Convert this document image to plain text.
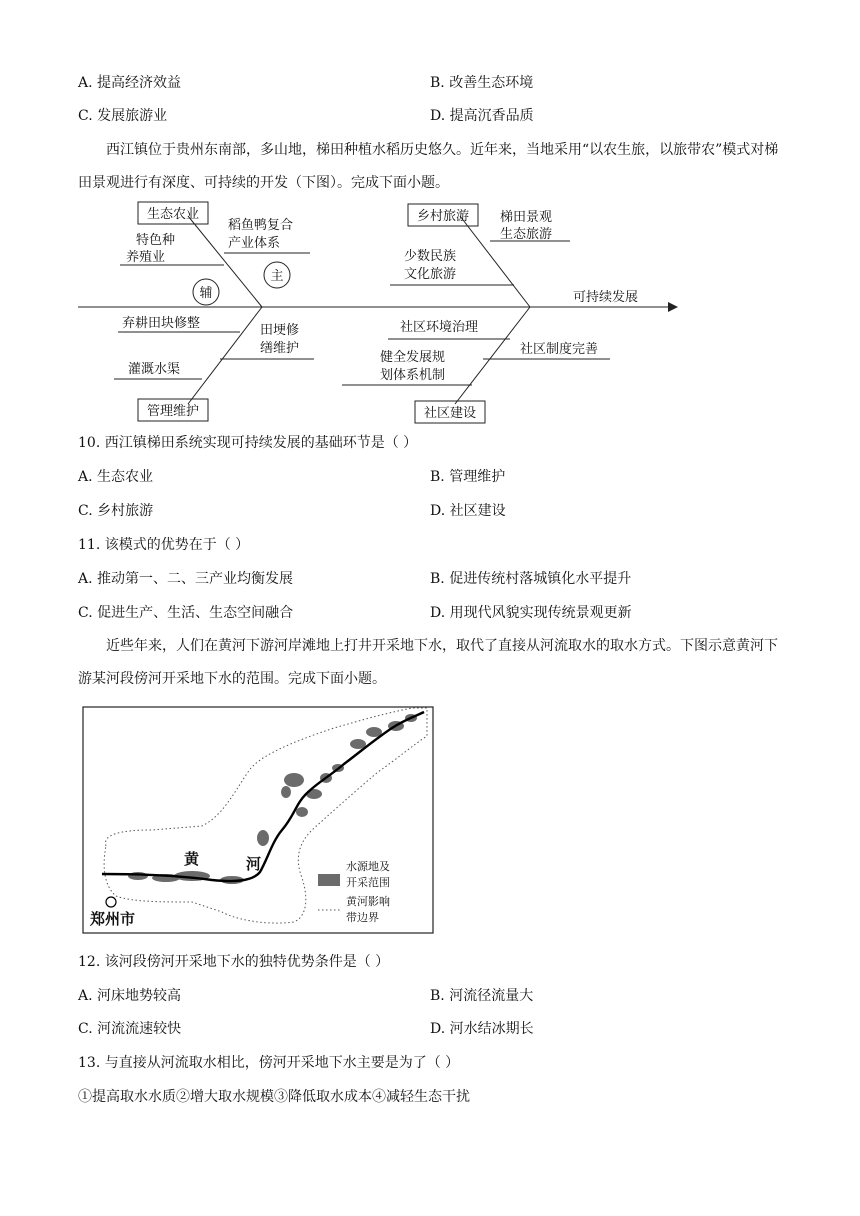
A. 提高经济效益	B. 改善生态环境
C. 发展旅游业	D. 提高沉香品质
西江镇位于贵州东南部，多山地，梯田种植水稻历史悠久。近年来，当地采用“以农生旅，以旅带农”模式对梯田景观进行有深度、可持续的开发（下图）。完成下面小题。
生态农业	乡村旅游
管理维护	社区建设
特色种
养殖业
稻鱼鸭复合
产业体系
梯田景观
生态旅游
少数民族
文化旅游
弃耕田块修整
灌溉水渠
田埂修
缮维护
社区环境治理
社区制度完善
健全发展规
划体系机制
辅
主
可持续发展
10. 西江镇梯田系统实现可持续发展的基础环节是（ ）
A. 生态农业	B. 管理维护
C. 乡村旅游	D. 社区建设
11. 该模式的优势在于（ ）
A. 推动第一、二、三产业均衡发展	B. 促进传统村落城镇化水平提升
C. 促进生产、生活、生态空间融合	D. 用现代风貌实现传统景观更新
近些年来，人们在黄河下游河岸滩地上打井开采地下水，取代了直接从河流取水的取水方式。下图示意黄河下游某河段傍河开采地下水的范围。完成下面小题。
黄	河
郑州市
水源地及
开采范围
黄河影响
带边界
12. 该河段傍河开采地下水的独特优势条件是（ ）
A. 河床地势较高	B. 河流径流量大
C. 河流流速较快	D. 河水结冰期长
13. 与直接从河流取水相比，傍河开采地下水主要是为了（ ）
①提高取水水质②增大取水规模③降低取水成本④减轻生态干扰
